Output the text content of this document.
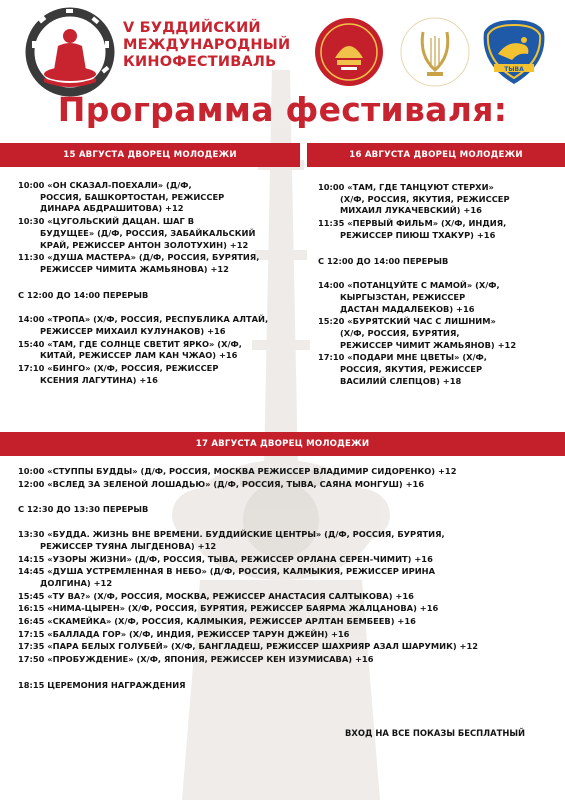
V БУДДИЙСКИЙ
МЕЖДУНАРОДНЫЙ
КИНОФЕСТИВАЛЬ	ТЫВА
Программа фестиваля:
15 АВГУСТА ДВОРЕЦ МОЛОДЕЖИ	16 АВГУСТА ДВОРЕЦ МОЛОДЕЖИ
17 АВГУСТА ДВОРЕЦ МОЛОДЕЖИ
10:00 «ОН СКАЗАЛ-ПОЕХАЛИ» (Д/Ф,
РОССИЯ, БАШКОРТОСТАН, РЕЖИССЕР
ДИНАРА АБДРАШИТОВА) +12
10:30 «ЦУГОЛЬСКИЙ ДАЦАН. ШАГ В
БУДУЩЕЕ» (Д/Ф, РОССИЯ, ЗАБАЙКАЛЬСКИЙ
КРАЙ, РЕЖИССЕР АНТОН ЗОЛОТУХИН) +12
11:30 «ДУША МАСТЕРА» (Д/Ф, РОССИЯ, БУРЯТИЯ,
РЕЖИССЕР ЧИМИТА ЖАМЬЯНОВА) +12
С 12:00 ДО 14:00 ПЕРЕРЫВ
14:00 «ТРОПА» (Х/Ф, РОССИЯ, РЕСПУБЛИКА АЛТАЙ,
РЕЖИССЕР МИХАИЛ КУЛУНАКОВ) +16
15:40 «ТАМ, ГДЕ СОЛНЦЕ СВЕТИТ ЯРКО» (Х/Ф,
КИТАЙ, РЕЖИССЕР ЛАМ КАН ЧЖАО) +16
17:10 «БИНГО» (Х/Ф, РОССИЯ, РЕЖИССЕР
КСЕНИЯ ЛАГУТИНА) +16
10:00 «ТАМ, ГДЕ ТАНЦУЮТ СТЕРХИ»
(Х/Ф, РОССИЯ, ЯКУТИЯ, РЕЖИССЕР
МИХАИЛ ЛУКАЧЕВСКИЙ) +16
11:35 «ПЕРВЫЙ ФИЛЬМ» (Х/Ф, ИНДИЯ,
РЕЖИССЕР ПИЮШ ТХАКУР) +16
С 12:00 ДО 14:00 ПЕРЕРЫВ
14:00 «ПОТАНЦУЙТЕ С МАМОЙ» (Х/Ф,
КЫРГЫЗСТАН, РЕЖИССЕР
ДАСТАН МАДАЛБЕКОВ) +16
15:20 «БУРЯТСКИЙ ЧАС С ЛИШНИМ»
(Х/Ф, РОССИЯ, БУРЯТИЯ,
РЕЖИССЕР ЧИМИТ ЖАМЬЯНОВ) +12
17:10 «ПОДАРИ МНЕ ЦВЕТЫ» (Х/Ф,
РОССИЯ, ЯКУТИЯ, РЕЖИССЕР
ВАСИЛИЙ СЛЕПЦОВ) +18
10:00 «СТУППЫ БУДДЫ» (Д/Ф, РОССИЯ, МОСКВА РЕЖИССЕР ВЛАДИМИР СИДОРЕНКО) +12
12:00 «ВСЛЕД ЗА ЗЕЛЕНОЙ ЛОШАДЬЮ» (Д/Ф, РОССИЯ, ТЫВА, САЯНА МОНГУШ) +16
С 12:30 ДО 13:30 ПЕРЕРЫВ
13:30 «БУДДА. ЖИЗНЬ ВНЕ ВРЕМЕНИ. БУДДИЙСКИЕ ЦЕНТРЫ» (Д/Ф, РОССИЯ, БУРЯТИЯ,
РЕЖИССЕР ТУЯНА ЛЫГДЕНОВА) +12
14:15 «УЗОРЫ ЖИЗНИ» (Д/Ф, РОССИЯ, ТЫВА, РЕЖИССЕР ОРЛАНА СЕРЕН-ЧИМИТ) +16
14:45 «ДУША УСТРЕМЛЕННАЯ В НЕБО» (Д/Ф, РОССИЯ, КАЛМЫКИЯ, РЕЖИССЕР ИРИНА
ДОЛГИНА) +12
15:45 «ТУ ВА?» (Х/Ф, РОССИЯ, МОСКВА, РЕЖИССЕР АНАСТАСИЯ САЛТЫКОВА) +16
16:15 «НИМА-ЦЫРЕН» (Х/Ф, РОССИЯ, БУРЯТИЯ, РЕЖИССЕР БАЯРМА ЖАЛЦАНОВА) +16
16:45 «СКАМЕЙКА» (Х/Ф, РОССИЯ, КАЛМЫКИЯ, РЕЖИССЕР АРЛТАН БЕМБЕЕВ) +16
17:15 «БАЛЛАДА ГОР» (Х/Ф, ИНДИЯ, РЕЖИССЕР ТАРУН ДЖЕЙН) +16
17:35 «ПАРА БЕЛЫХ ГОЛУБЕЙ» (Х/Ф, БАНГЛАДЕШ, РЕЖИССЕР ШАХРИЯР АЗАЛ ШАРУМИК) +12
17:50 «ПРОБУЖДЕНИЕ» (Х/Ф, ЯПОНИЯ, РЕЖИССЕР КЕН ИЗУМИСАВА) +16
18:15 ЦЕРЕМОНИЯ НАГРАЖДЕНИЯ
ВХОД НА ВСЕ ПОКАЗЫ БЕСПЛАТНЫЙ
